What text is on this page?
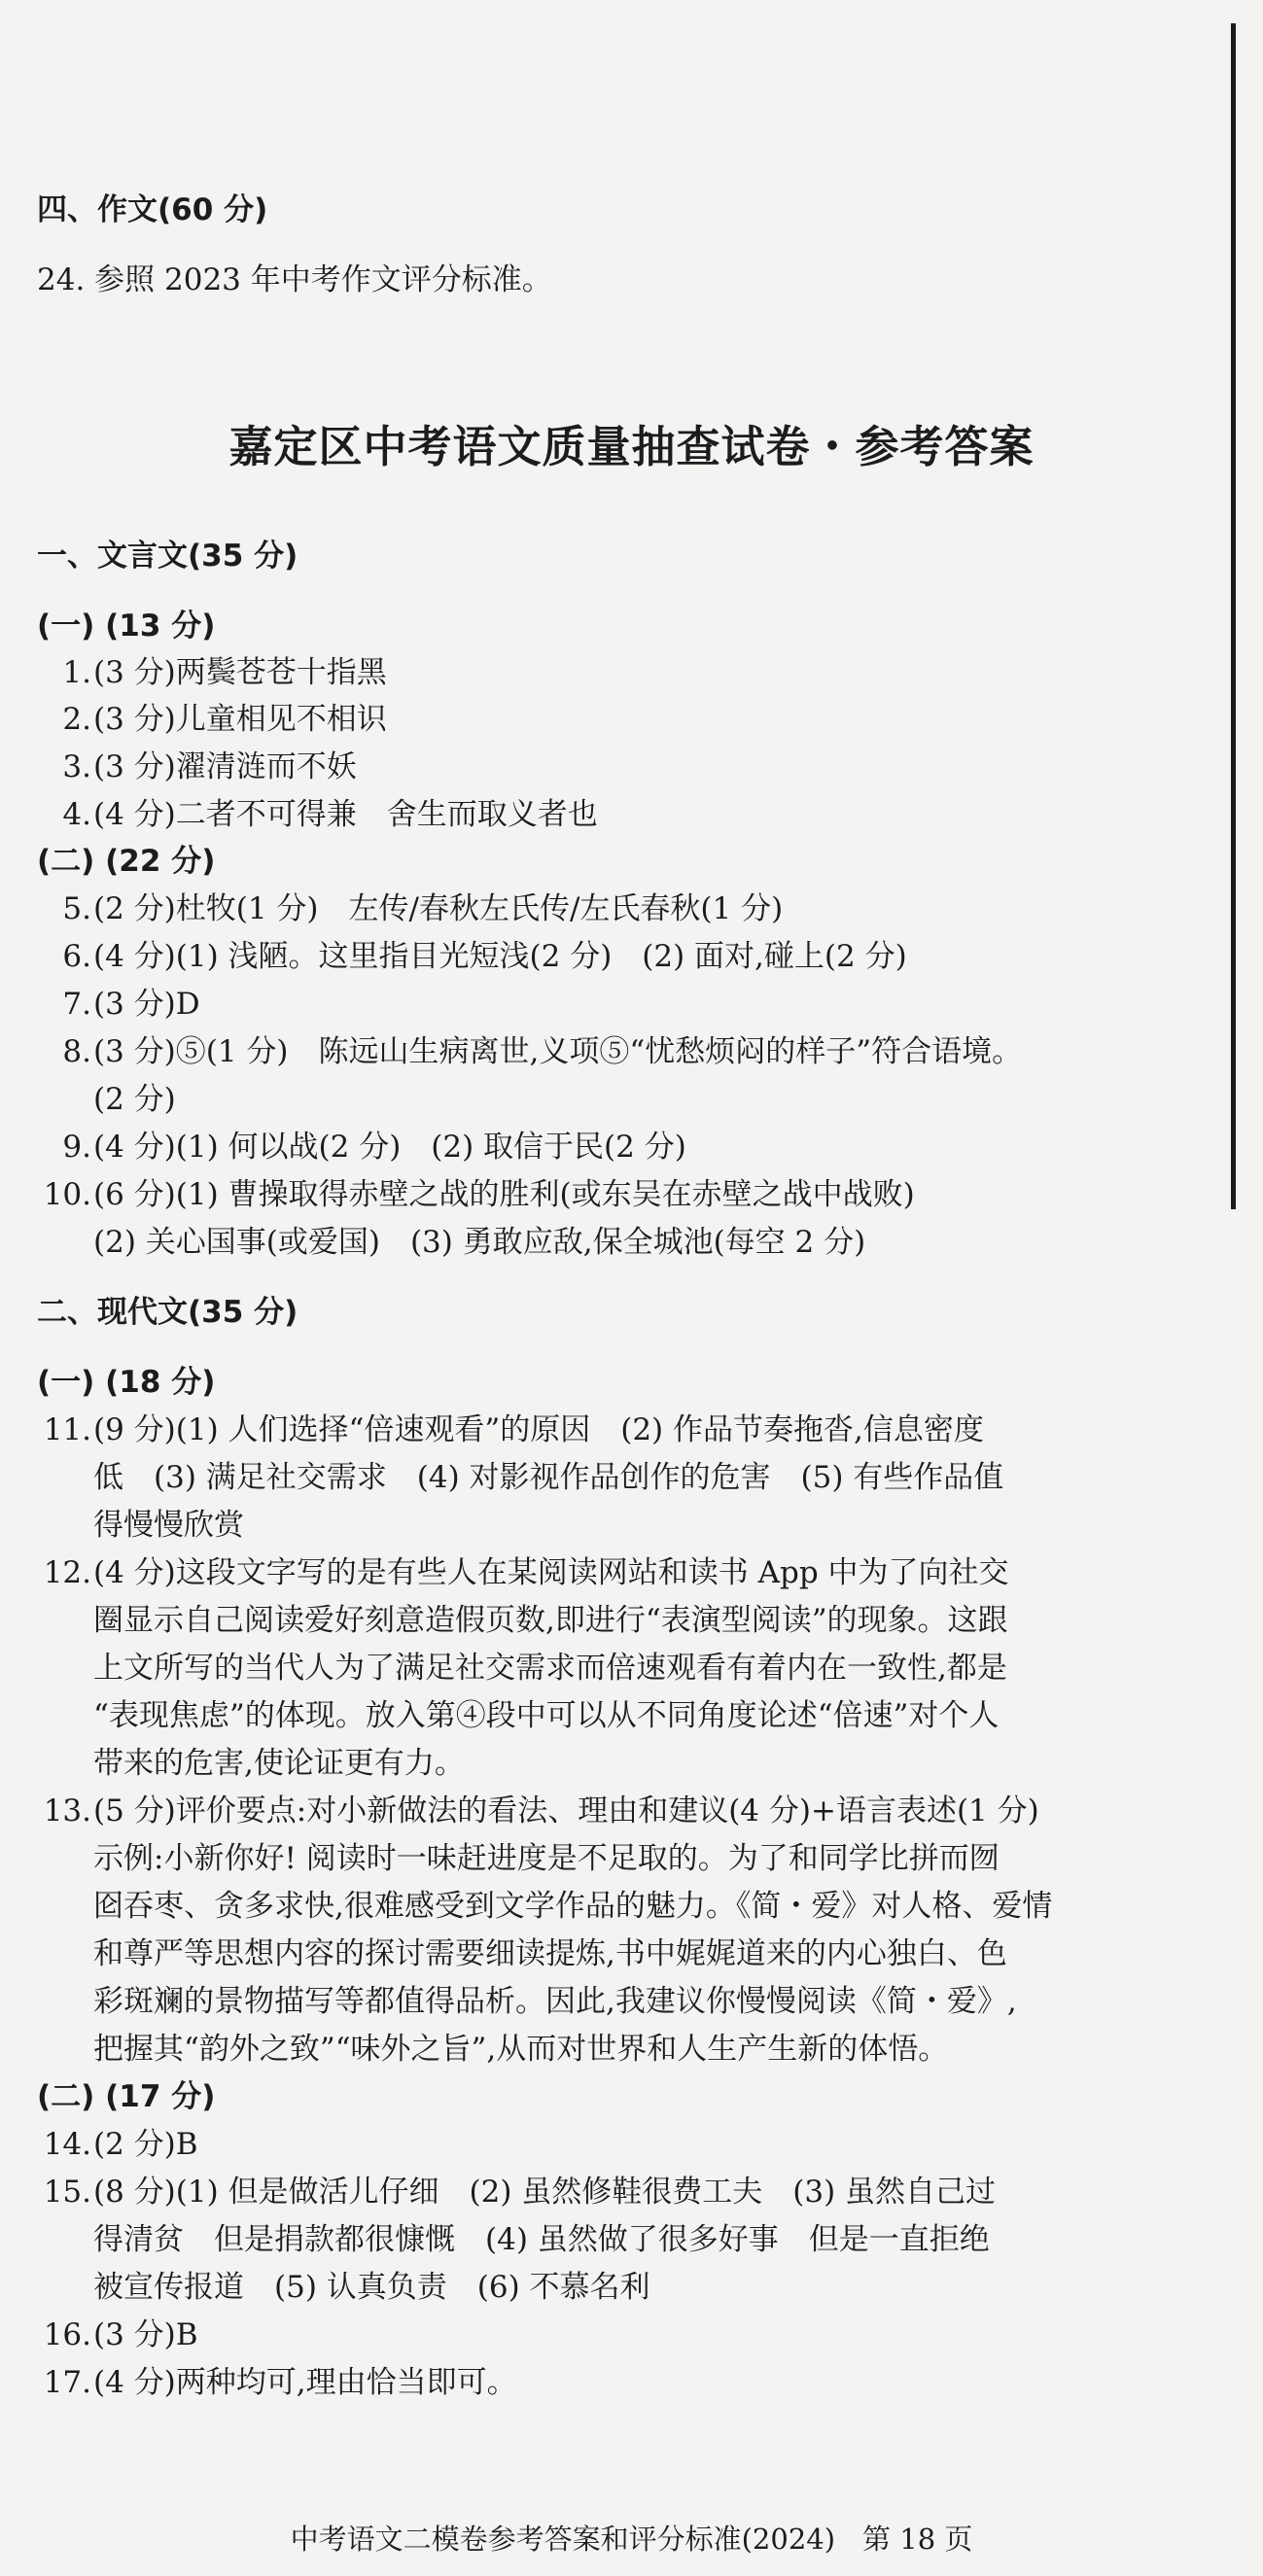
四、作文(60 分)
24. 参照 2023 年中考作文评分标准。
嘉定区中考语文质量抽查试卷・参考答案
一、文言文(35 分)
(一) (13 分)
1.(3 分)两鬓苍苍十指黑
2.(3 分)儿童相见不相识
3.(3 分)濯清涟而不妖
4.(4 分)二者不可得兼　舍生而取义者也
(二) (22 分)
5.(2 分)杜牧(1 分)　左传/春秋左氏传/左氏春秋(1 分)
6.(4 分)(1) 浅陋。这里指目光短浅(2 分)　(2) 面对,碰上(2 分)
7.(3 分)D
8.(3 分)⑤(1 分)　陈远山生病离世,义项⑤“忧愁烦闷的样子”符合语境。
(2 分)
9.(4 分)(1) 何以战(2 分)　(2) 取信于民(2 分)
10.(6 分)(1) 曹操取得赤壁之战的胜利(或东吴在赤壁之战中战败)
(2) 关心国事(或爱国)　(3) 勇敢应敌,保全城池(每空 2 分)
二、现代文(35 分)
(一) (18 分)
11.(9 分)(1) 人们选择“倍速观看”的原因　(2) 作品节奏拖沓,信息密度
低　(3) 满足社交需求　(4) 对影视作品创作的危害　(5) 有些作品值
得慢慢欣赏
12.(4 分)这段文字写的是有些人在某阅读网站和读书 App 中为了向社交
圈显示自己阅读爱好刻意造假页数,即进行“表演型阅读”的现象。这跟
上文所写的当代人为了满足社交需求而倍速观看有着内在一致性,都是
“表现焦虑”的体现。放入第④段中可以从不同角度论述“倍速”对个人
带来的危害,使论证更有力。
13.(5 分)评价要点:对小新做法的看法、理由和建议(4 分)+语言表述(1 分)
示例:小新你好! 阅读时一味赶进度是不足取的。为了和同学比拼而囫
囵吞枣、贪多求快,很难感受到文学作品的魅力。《简・爱》对人格、爱情
和尊严等思想内容的探讨需要细读提炼,书中娓娓道来的内心独白、色
彩斑斓的景物描写等都值得品析。因此,我建议你慢慢阅读《简・爱》,
把握其“韵外之致”“味外之旨”,从而对世界和人生产生新的体悟。
(二) (17 分)
14.(2 分)B
15.(8 分)(1) 但是做活儿仔细　(2) 虽然修鞋很费工夫　(3) 虽然自己过
得清贫　但是捐款都很慷慨　(4) 虽然做了很多好事　但是一直拒绝
被宣传报道　(5) 认真负责　(6) 不慕名利
16.(3 分)B
17.(4 分)两种均可,理由恰当即可。
中考语文二模卷参考答案和评分标准(2024) 第 18 页
